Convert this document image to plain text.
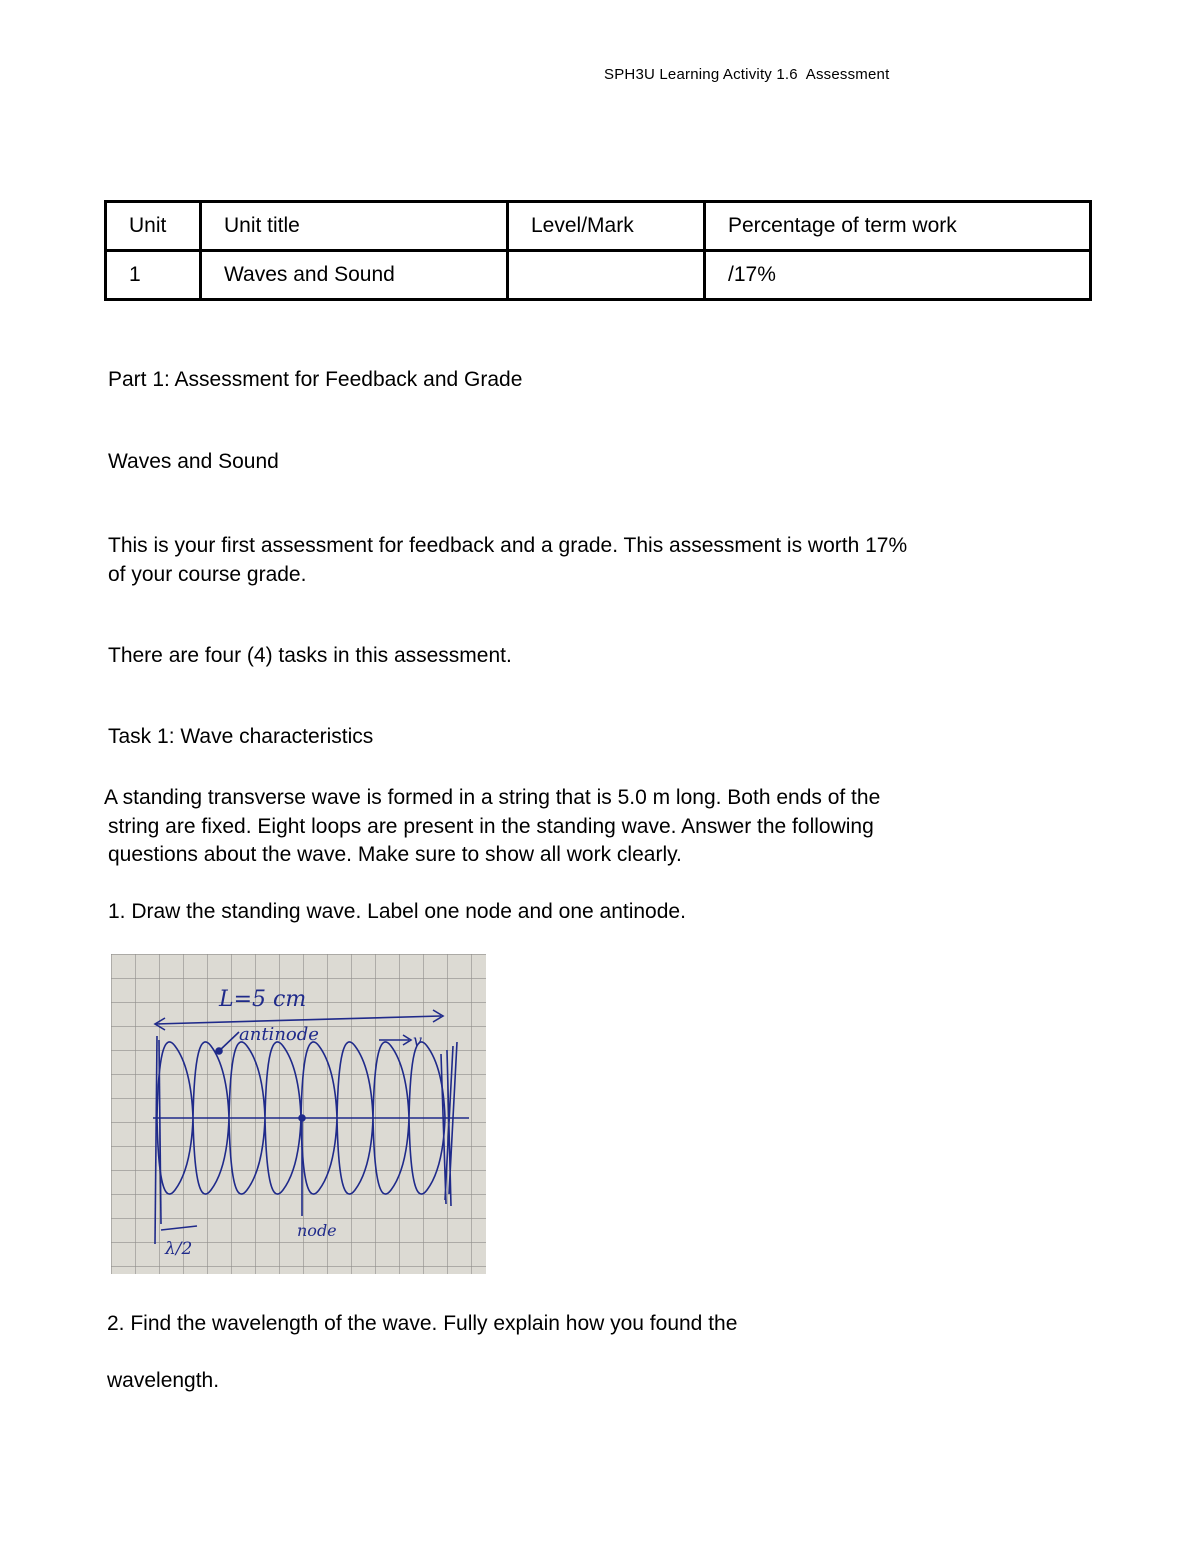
SPH3U Learning Activity 1.6  Assessment
Unit	Unit title	Level/Mark	Percentage of term work
1	Waves and Sound		/17%
Part 1: Assessment for Feedback and Grade
Waves and Sound
This is your first assessment for feedback and a grade. This assessment is worth 17%
of your course grade.
There are four (4) tasks in this assessment.
Task 1: Wave characteristics
A standing transverse wave is formed in a string that is 5.0 m long. Both ends of the
string are fixed. Eight loops are present in the standing wave. Answer the following
questions about the wave. Make sure to show all work clearly.
1. Draw the standing wave. Label one node and one antinode.
L=5 cm
antinode
node
λ/2
v
2. Find the wavelength of the wave. Fully explain how you found the
wavelength.
